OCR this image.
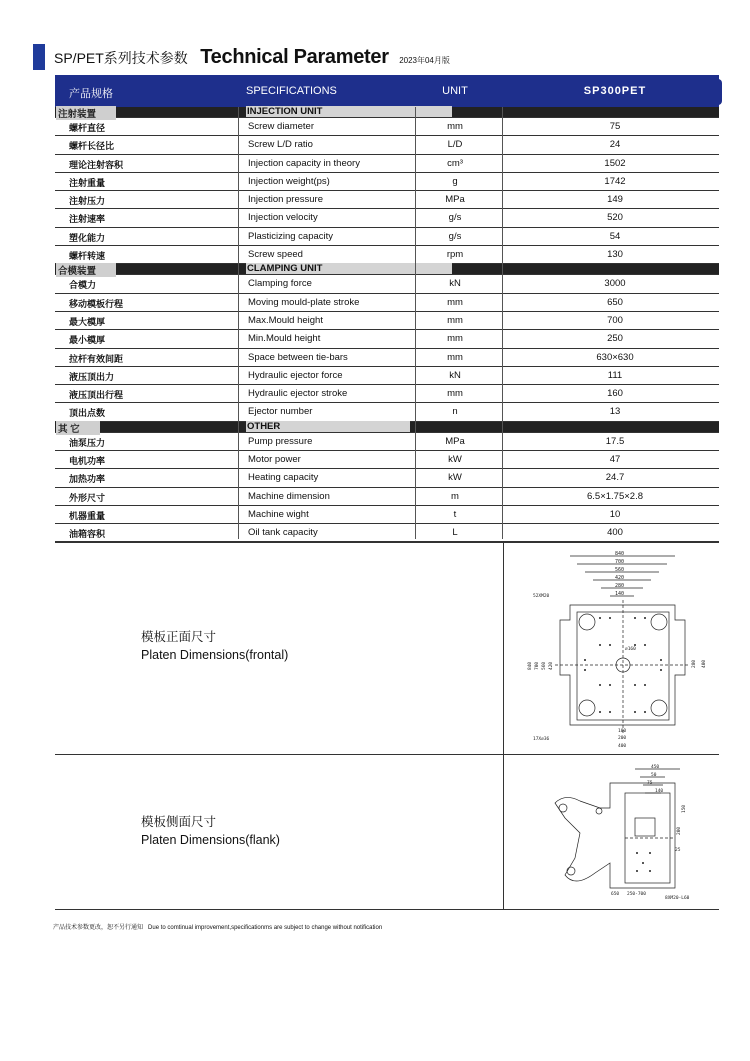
SP/PET系列技术参数 Technical Parameter 2023年04月版
产品规格	SPECIFICATIONS	UNIT	SP300PET
注射装置	INJECTION UNIT
螺杆直径	Screw diameter	mm	75
螺杆长径比	Screw L/D ratio	L/D	24
理论注射容积	Injection capacity in theory	cm³	1502
注射重量	Injection weight(ps)	g	1742
注射压力	Injection pressure	MPa	149
注射速率	Injection velocity	g/s	520
塑化能力	Plasticizing capacity	g/s	54
螺杆转速	Screw speed	rpm	130
合模装置	CLAMPING UNIT
合模力	Clamping force	kN	3000
移动模板行程	Moving mould-plate stroke	mm	650
最大模厚	Max.Mould height	mm	700
最小模厚	Min.Mould height	mm	250
拉杆有效间距	Space between tie-bars	mm	630×630
液压顶出力	Hydraulic ejector force	kN	111
液压顶出行程	Hydraulic ejector stroke	mm	160
顶出点数	Ejector number	n	13
其 它	OTHER
油泵压力	Pump pressure	MPa	17.5
电机功率	Motor power	kW	47
加热功率	Heating capacity	kW	24.7
外形尺寸	Machine dimension	m	6.5×1.75×2.8
机器重量	Machine wight	t	10
油箱容积	Oil tank capacity	L	400
模板正面尺寸
Platen Dimensions(frontal)
840
700
560
420
280
140
52XM20
17X⌀36
⌀160
280 400
840 700 560 420
100
200
400
模板侧面尺寸
Platen Dimensions(flank)
450
50
75
140
150
200
25
650 250-700
8XM20-L60
产品技术参数更改，恕不另行通知 Due to comtinual improvement,specificationms are subject to change without notification
